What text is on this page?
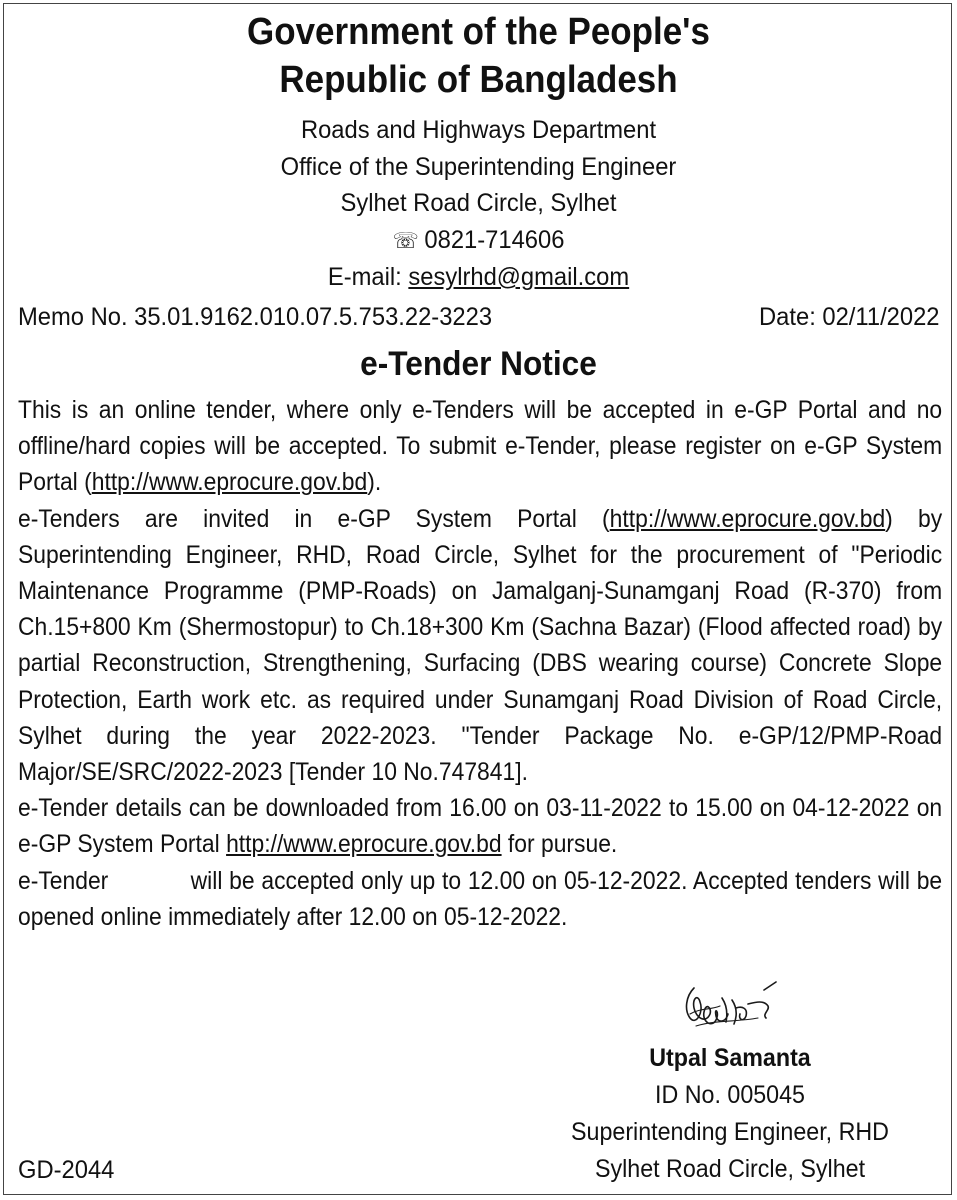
Government of the People's
Republic of Bangladesh
Roads and Highways Department
Office of the Superintending Engineer
Sylhet Road Circle, Sylhet
☏ 0821-714606
E-mail: sesylrhd@gmail.com
Memo No. 35.01.9162.010.07.5.753.22-3223	Date: 02/11/2022
e-Tender Notice

This is an online tender, where only e-Tenders will be accepted in e-GP Portal and no offline/hard copies will be accepted. To submit e-Tender, please register on e-GP System Portal (http://www.eprocure.gov.bd).

e-Tenders are invited in e-GP System Portal (http://www.eprocure.gov.bd) by Superintending Engineer, RHD, Road Circle, Sylhet for the procurement of "Periodic Maintenance Programme (PMP-Roads) on Jamalganj-Sunamganj Road (R-370) from Ch.15+800 Km (Shermostopur) to Ch.18+300 Km (Sachna Bazar) (Flood affected road) by partial Reconstruction, Strengthening, Surfacing (DBS wearing course) Concrete Slope Protection, Earth work etc. as required under Sunamganj Road Division of Road Circle, Sylhet during the year 2022-2023. "Tender Package No. e-GP/12/PMP-Road Major/SE/SRC/2022-2023 [Tender 10 No.747841].

e-Tender details can be downloaded from 16.00 on 03-11-2022 to 15.00 on 04-12-2022 on e-GP System Portal http://www.eprocure.gov.bd for pursue.

e-Tender	will be accepted only up to 12.00 on 05-12-2022. Accepted tenders will be opened online immediately after 12.00 on 05-12-2022.

Utpal Samanta
ID No. 005045
Superintending Engineer, RHD
Sylhet Road Circle, Sylhet
GD-2044
